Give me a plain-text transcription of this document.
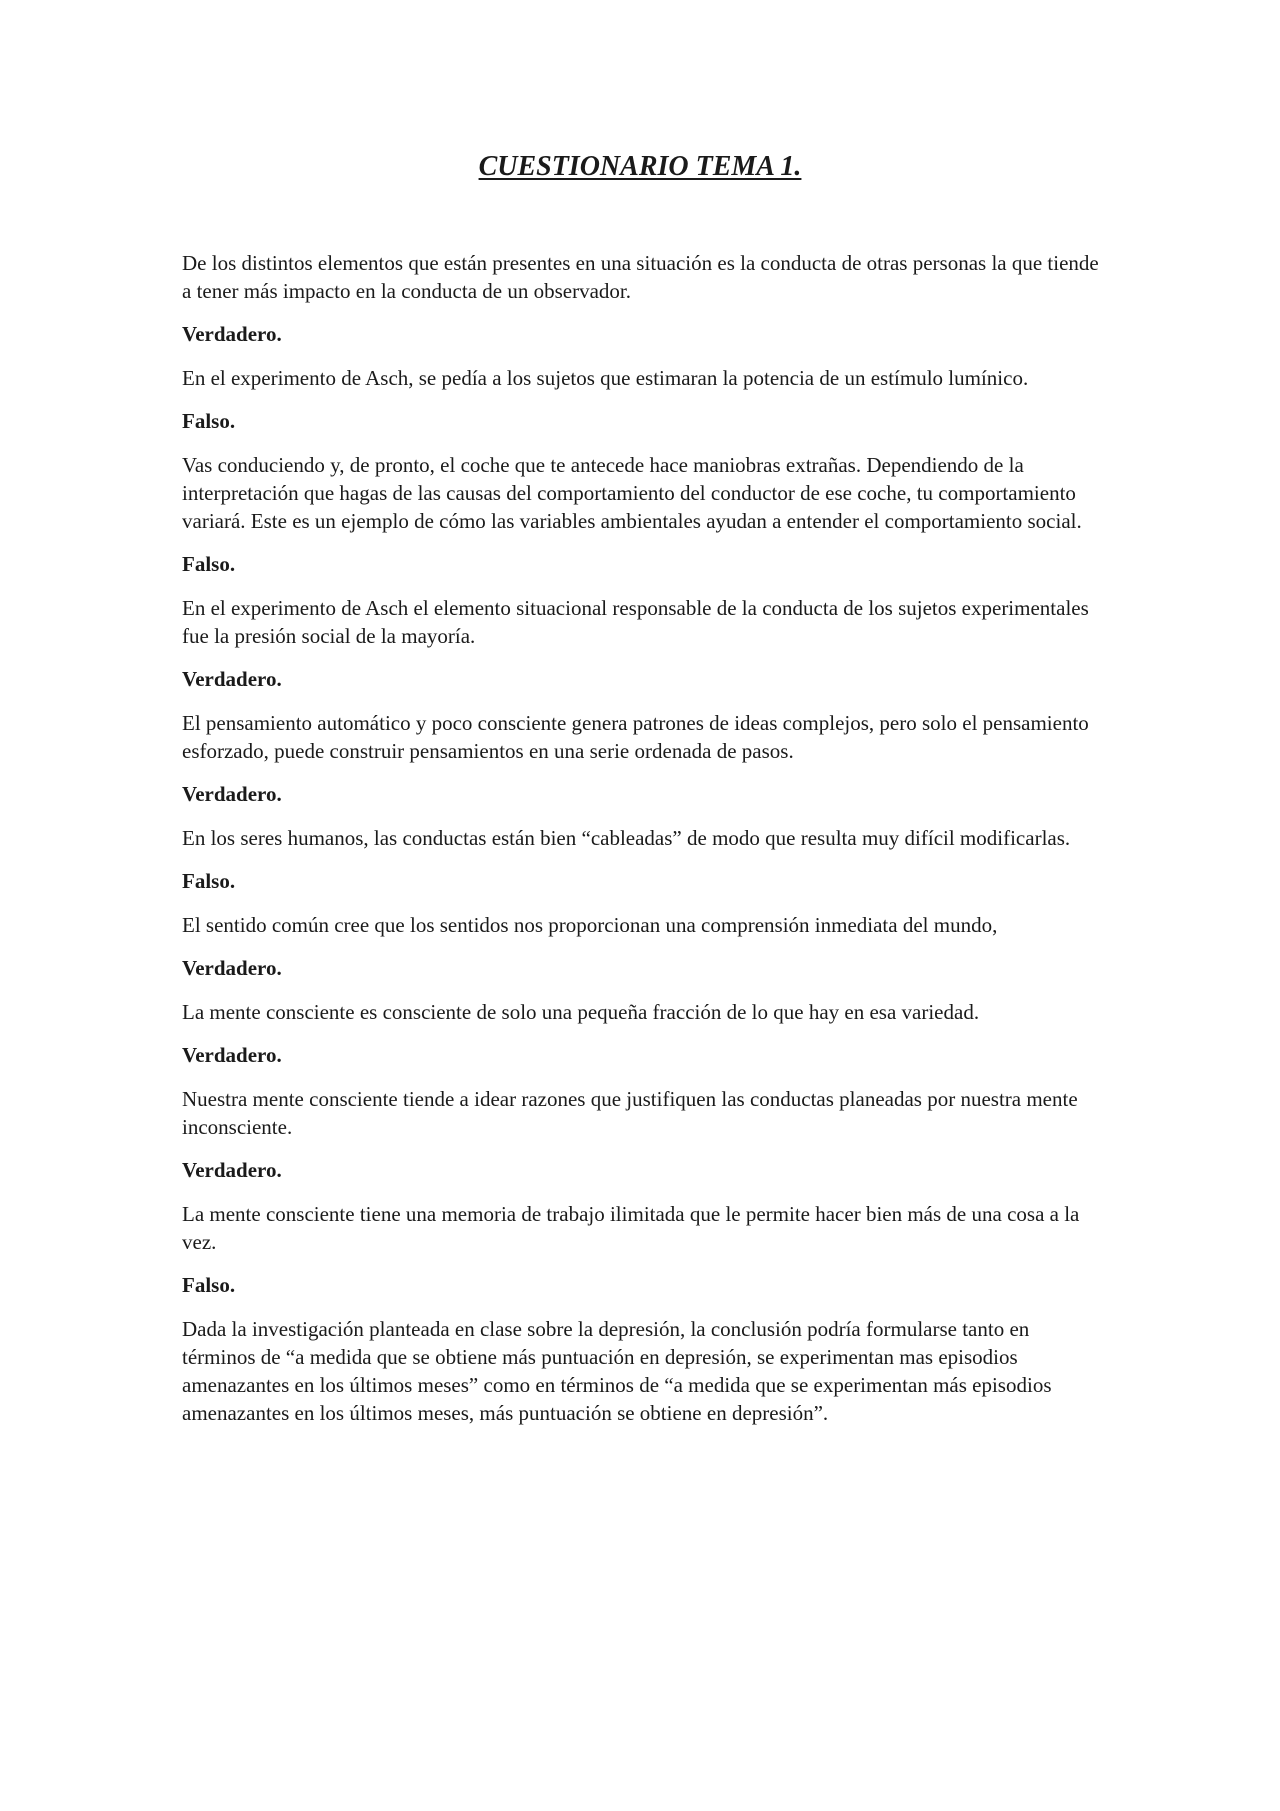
CUESTIONARIO TEMA 1.

De los distintos elementos que están presentes en una situación es la conducta de otras personas la que tiende a tener más impacto en la conducta de un observador.

Verdadero.

En el experimento de Asch, se pedía a los sujetos que estimaran la potencia de un estímulo lumínico.

Falso.

Vas conduciendo y, de pronto, el coche que te antecede hace maniobras extrañas. Dependiendo de la interpretación que hagas de las causas del comportamiento del conductor de ese coche, tu comportamiento variará. Este es un ejemplo de cómo las variables ambientales ayudan a entender el comportamiento social.

Falso.

En el experimento de Asch el elemento situacional responsable de la conducta de los sujetos experimentales fue la presión social de la mayoría.

Verdadero.

El pensamiento automático y poco consciente genera patrones de ideas complejos, pero solo el pensamiento esforzado, puede construir pensamientos en una serie ordenada de pasos.

Verdadero.

En los seres humanos, las conductas están bien “cableadas” de modo que resulta muy difícil modificarlas.

Falso.

El sentido común cree que los sentidos nos proporcionan una comprensión inmediata del mundo,

Verdadero.

La mente consciente es consciente de solo una pequeña fracción de lo que hay en esa variedad.

Verdadero.

Nuestra mente consciente tiende a idear razones que justifiquen las conductas planeadas por nuestra mente inconsciente.

Verdadero.

La mente consciente tiene una memoria de trabajo ilimitada que le permite hacer bien más de una cosa a la vez.

Falso.

Dada la investigación planteada en clase sobre la depresión, la conclusión podría formularse tanto en términos de “a medida que se obtiene más puntuación en depresión, se experimentan mas episodios amenazantes en los últimos meses” como en términos de “a medida que se experimentan más episodios amenazantes en los últimos meses, más puntuación se obtiene en depresión”.
